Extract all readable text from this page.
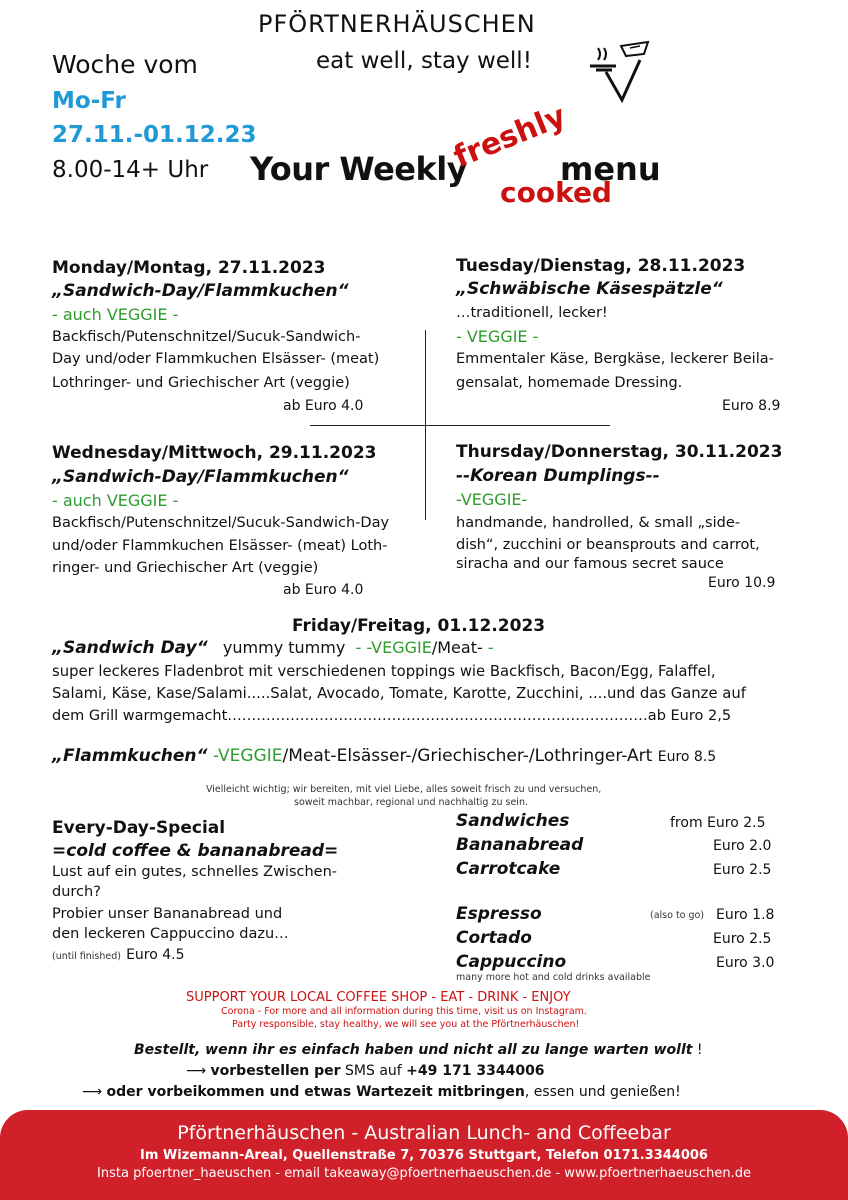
PFÖRTNERHÄUSCHEN
eat well, stay well!
Woche vom
Mo-Fr
27.11.-01.12.23
8.00-14+ Uhr Your Weekly
freshly
menu
cooked
Monday/Montag, 27.11.2023
„Sandwich-Day/Flammkuchen“
- auch VEGGIE -
Backfisch/Putenschnitzel/Sucuk-Sandwich-
Day und/oder Flammkuchen Elsässer- (meat)
Lothringer- und Griechischer Art (veggie)
ab Euro 4.0
Tuesday/Dienstag, 28.11.2023
„Schwäbische Käsespätzle“
…traditionell, lecker!
- VEGGIE -
Emmentaler Käse, Bergkäse, leckerer Beila-
gensalat, homemade Dressing.
Euro 8.9
Wednesday/Mittwoch, 29.11.2023
„Sandwich-Day/Flammkuchen“
- auch VEGGIE -
Backfisch/Putenschnitzel/Sucuk-Sandwich-Day
und/oder Flammkuchen Elsässer- (meat) Loth-
ringer- und Griechischer Art (veggie)
ab Euro 4.0
Thursday/Donnerstag, 30.11.2023
--Korean Dumplings--
-VEGGIE-
handmande, handrolled, & small „side-
dish“, zucchini or beansprouts and carrot,
siracha and our famous secret sauce
Euro 10.9
Friday/Freitag, 01.12.2023
„Sandwich Day“ yummy tummy - -VEGGIE/Meat- -
super leckeres Fladenbrot mit verschiedenen toppings wie Backfisch, Bacon/Egg, Falaffel,
Salami, Käse, Kase/Salami.....Salat, Avocado, Tomate, Karotte, Zucchini, ....und das Ganze auf
dem Grill warmgemacht……………………………………………………………………………ab Euro 2,5
„Flammkuchen“ -VEGGIE/Meat-Elsässer-/Griechischer-/Lothringer-Art Euro 8.5
Vielleicht wichtig; wir bereiten, mit viel Liebe, alles soweit frisch zu und versuchen,
soweit machbar, regional und nachhaltig zu sein.
Every-Day-Special
=cold coffee & bananabread=
Lust auf ein gutes, schnelles Zwischen-
durch?
Probier unser Bananabread und
den leckeren Cappuccino dazu…
(until finished) Euro 4.5
Sandwiches	from Euro 2.5
Bananabread	Euro 2.0
Carrotcake	Euro 2.5
Espresso	(also to go) Euro 1.8
Cortado	Euro 2.5
Cappuccino	Euro 3.0
many more hot and cold drinks available
SUPPORT YOUR LOCAL COFFEE SHOP - EAT - DRINK - ENJOY
Corona - For more and all information during this time, visit us on Instagram.
Party responsible, stay healthy, we will see you at the Pförtnerhäuschen!
Bestellt, wenn ihr es einfach haben und nicht all zu lange warten wollt !
⟶ vorbestellen per SMS auf +49 171 3344006
⟶ oder vorbeikommen und etwas Wartezeit mitbringen, essen und genießen!
Pförtnerhäuschen - Australian Lunch- and Coffeebar
Im Wizemann-Areal, Quellenstraße 7, 70376 Stuttgart, Telefon 0171.3344006
Insta pfoertner_haeuschen - email takeaway@pfoertnerhaeuschen.de - www.pfoertnerhaeuschen.de
